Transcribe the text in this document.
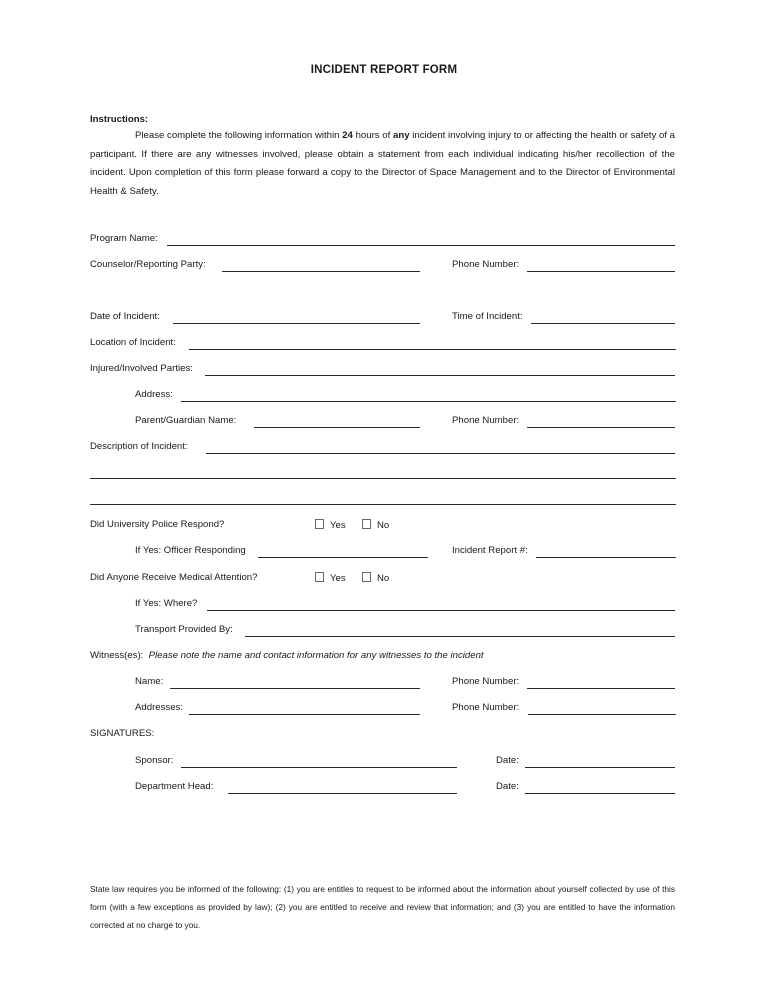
INCIDENT REPORT FORM
Instructions:
Please complete the following information within 24 hours of any incident involving injury to or affecting the health or safety of a participant. If there are any witnesses involved, please obtain a statement from each individual indicating his/her recollection of the incident. Upon completion of this form please forward a copy to the Director of Space Management and to the Director of Environmental Health & Safety.
Program Name:
Counselor/Reporting Party:	Phone Number:
Date of Incident:	Time of Incident:
Location of Incident:
Injured/Involved Parties:
Address:
Parent/Guardian Name:	Phone Number:
Description of Incident:
Did University Police Respond?	Yes	No
If Yes: Officer Responding	Incident Report #:
Did Anyone Receive Medical Attention?	Yes	No
If Yes: Where?
Transport Provided By:
Witness(es): Please note the name and contact information for any witnesses to the incident
Name:	Phone Number:
Addresses:	Phone Number:
SIGNATURES:
Sponsor:	Date:
Department Head:	Date:
State law requires you be informed of the following: (1) you are entitles to request to be informed about the information about yourself collected by use of this form (with a few exceptions as provided by law); (2) you are entitled to receive and review that information; and (3) you are entitled to have the information corrected at no charge to you.
